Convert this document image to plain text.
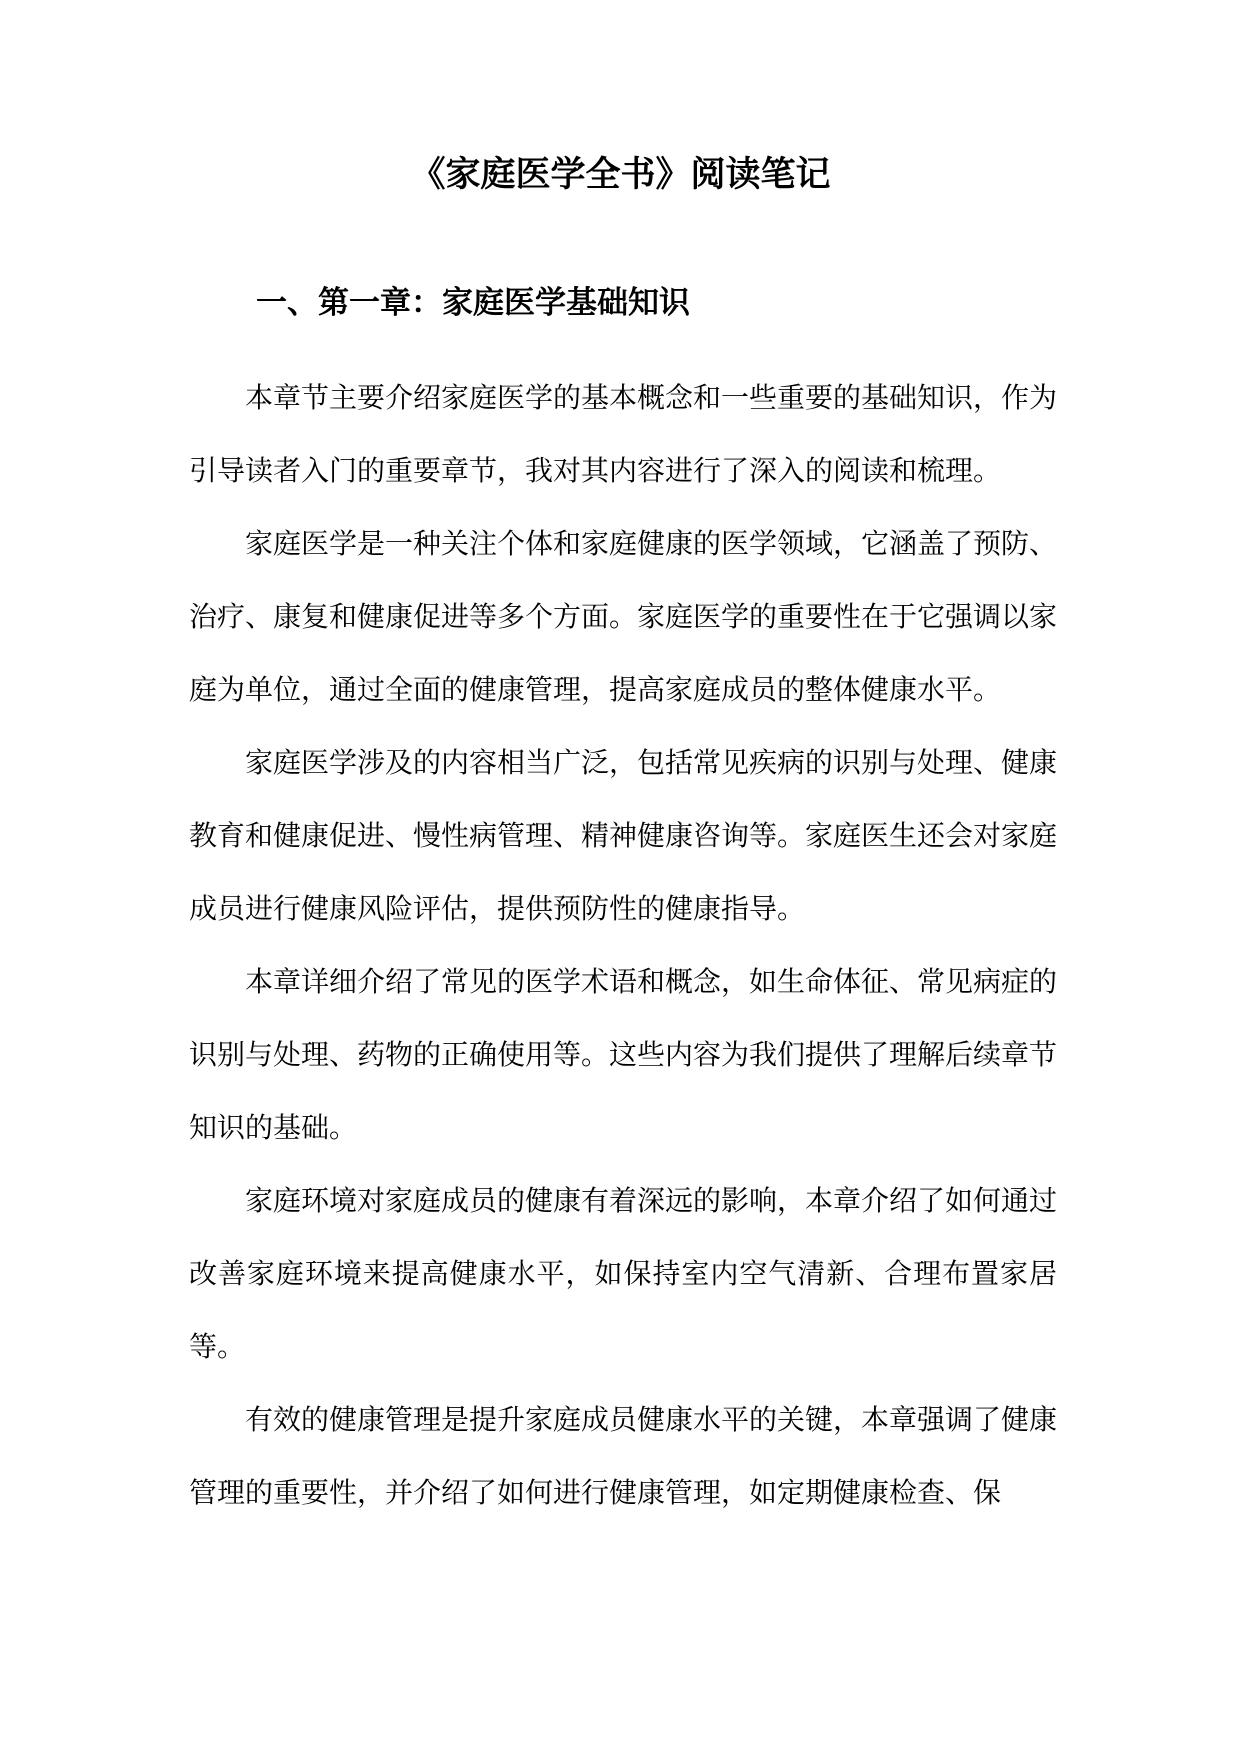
《家庭医学全书》阅读笔记
一、第一章：家庭医学基础知识

本章节主要介绍家庭医学的基本概念和一些重要的基础知识，作为引导读者入门的重要章节，我对其内容进行了深入的阅读和梳理。

家庭医学是一种关注个体和家庭健康的医学领域，它涵盖了预防、治疗、康复和健康促进等多个方面。家庭医学的重要性在于它强调以家庭为单位，通过全面的健康管理，提高家庭成员的整体健康水平。

家庭医学涉及的内容相当广泛，包括常见疾病的识别与处理、健康教育和健康促进、慢性病管理、精神健康咨询等。家庭医生还会对家庭成员进行健康风险评估，提供预防性的健康指导。

本章详细介绍了常见的医学术语和概念，如生命体征、常见病症的识别与处理、药物的正确使用等。这些内容为我们提供了理解后续章节知识的基础。

家庭环境对家庭成员的健康有着深远的影响，本章介绍了如何通过改善家庭环境来提高健康水平，如保持室内空气清新、合理布置家居等。

有效的健康管理是提升家庭成员健康水平的关键，本章强调了健康管理的重要性，并介绍了如何进行健康管理，如定期健康检查、保
